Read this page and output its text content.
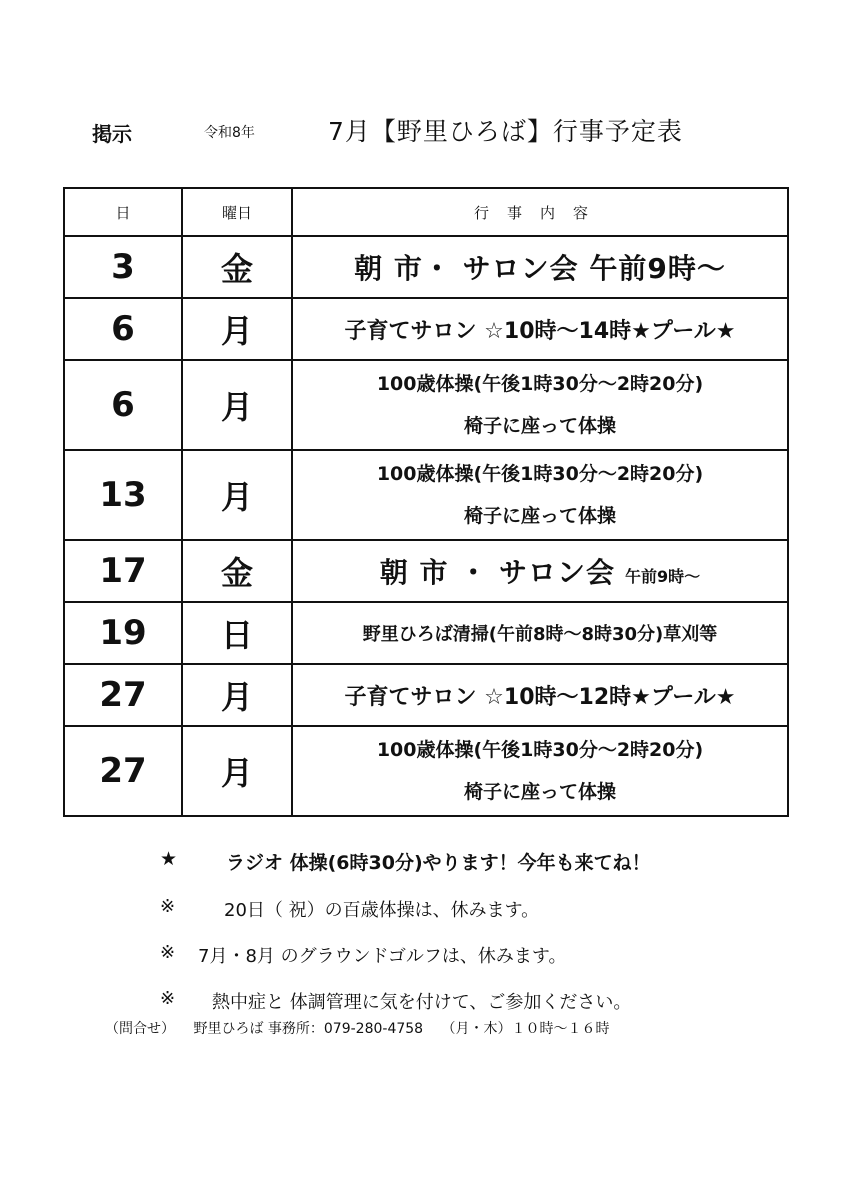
掲示	令和8年	7月【野里ひろば】行事予定表
日	曜日	行事内容
3	金	朝 市・ サロン会 午前9時～
6	月	子育てサロン ☆10時～14時★プール★
6	月	100歳体操(午後1時30分～2時20分)
椅子に座って体操

13	月	100歳体操(午後1時30分～2時20分)
椅子に座って体操

17	金	朝 市 ・ サロン会 午前9時～
19	日	野里ひろば清掃(午前8時～8時30分)草刈等
27	月	子育てサロン ☆10時～12時★プール★
27	月	100歳体操(午後1時30分～2時20分)
椅子に座って体操
★	ラジオ 体操(6時30分)やります！今年も来てね！
※	20日（ 祝）の百歳体操は、休みます。
※ 7月・8月 のグラウンドゴルフは、休みます。
※ 熱中症と 体調管理に気を付けて、ご参加ください。
（問合せ） 野里ひろば 事務所：079-280-4758 （月・木）１０時～１６時
